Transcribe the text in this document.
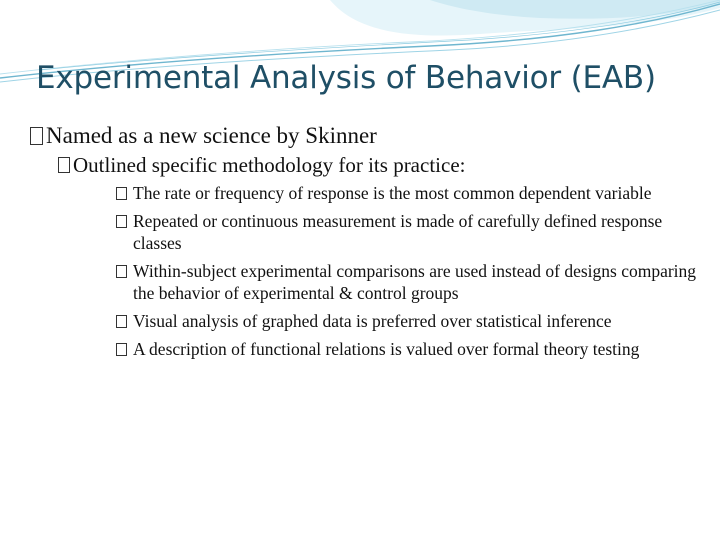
Experimental Analysis of Behavior (EAB)
Named as a new science by Skinner
Outlined specific methodology for its practice:
The rate or frequency of response is the most common dependent variable
Repeated or continuous measurement is made of carefully defined response classes
Within-subject experimental comparisons are used instead of designs comparing the behavior of experimental & control groups
Visual analysis of graphed data is preferred over statistical inference
A description of functional relations is valued over formal theory testing
